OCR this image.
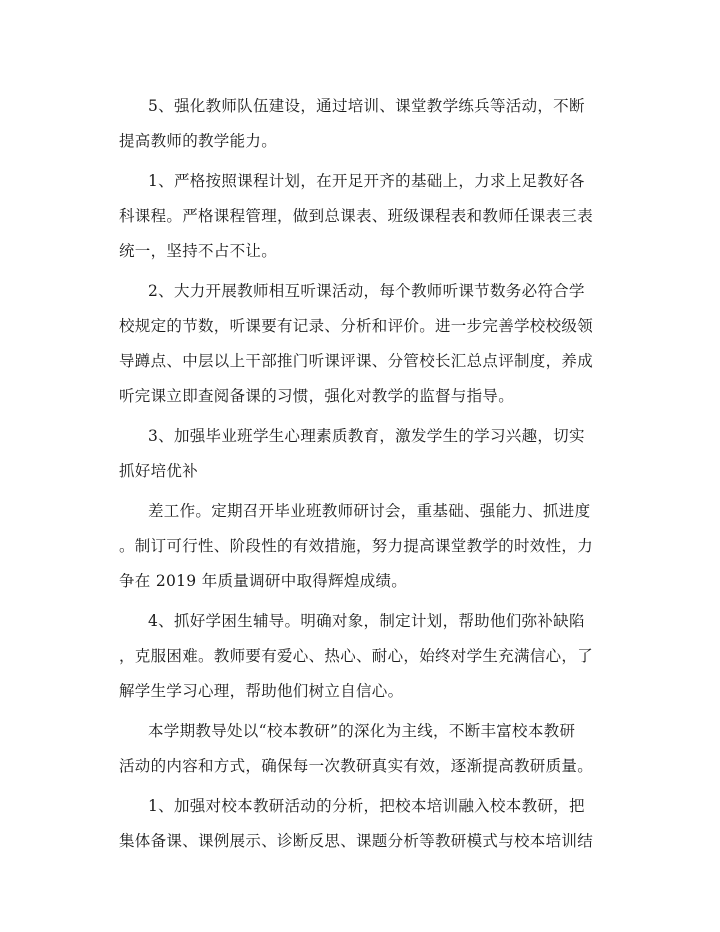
5、强化教师队伍建设，通过培训、课堂教学练兵等活动，不断
提高教师的教学能力。
1、严格按照课程计划，在开足开齐的基础上，力求上足教好各
科课程。严格课程管理，做到总课表、班级课程表和教师任课表三表
统一，坚持不占不让。
2、大力开展教师相互听课活动，每个教师听课节数务必符合学
校规定的节数，听课要有记录、分析和评价。进一步完善学校校级领
导蹲点、中层以上干部推门听课评课、分管校长汇总点评制度，养成
听完课立即查阅备课的习惯，强化对教学的监督与指导。
3、加强毕业班学生心理素质教育，激发学生的学习兴趣，切实
抓好培优补
差工作。定期召开毕业班教师研讨会，重基础、强能力、抓进度
。制订可行性、阶段性的有效措施，努力提高课堂教学的时效性，力
争在 2019 年质量调研中取得辉煌成绩。
4、抓好学困生辅导。明确对象，制定计划，帮助他们弥补缺陷
，克服困难。教师要有爱心、热心、耐心，始终对学生充满信心，了
解学生学习心理，帮助他们树立自信心。
本学期教导处以“校本教研”的深化为主线，不断丰富校本教研
活动的内容和方式，确保每一次教研真实有效，逐渐提高教研质量。
1、加强对校本教研活动的分析，把校本培训融入校本教研，把
集体备课、课例展示、诊断反思、课题分析等教研模式与校本培训结
